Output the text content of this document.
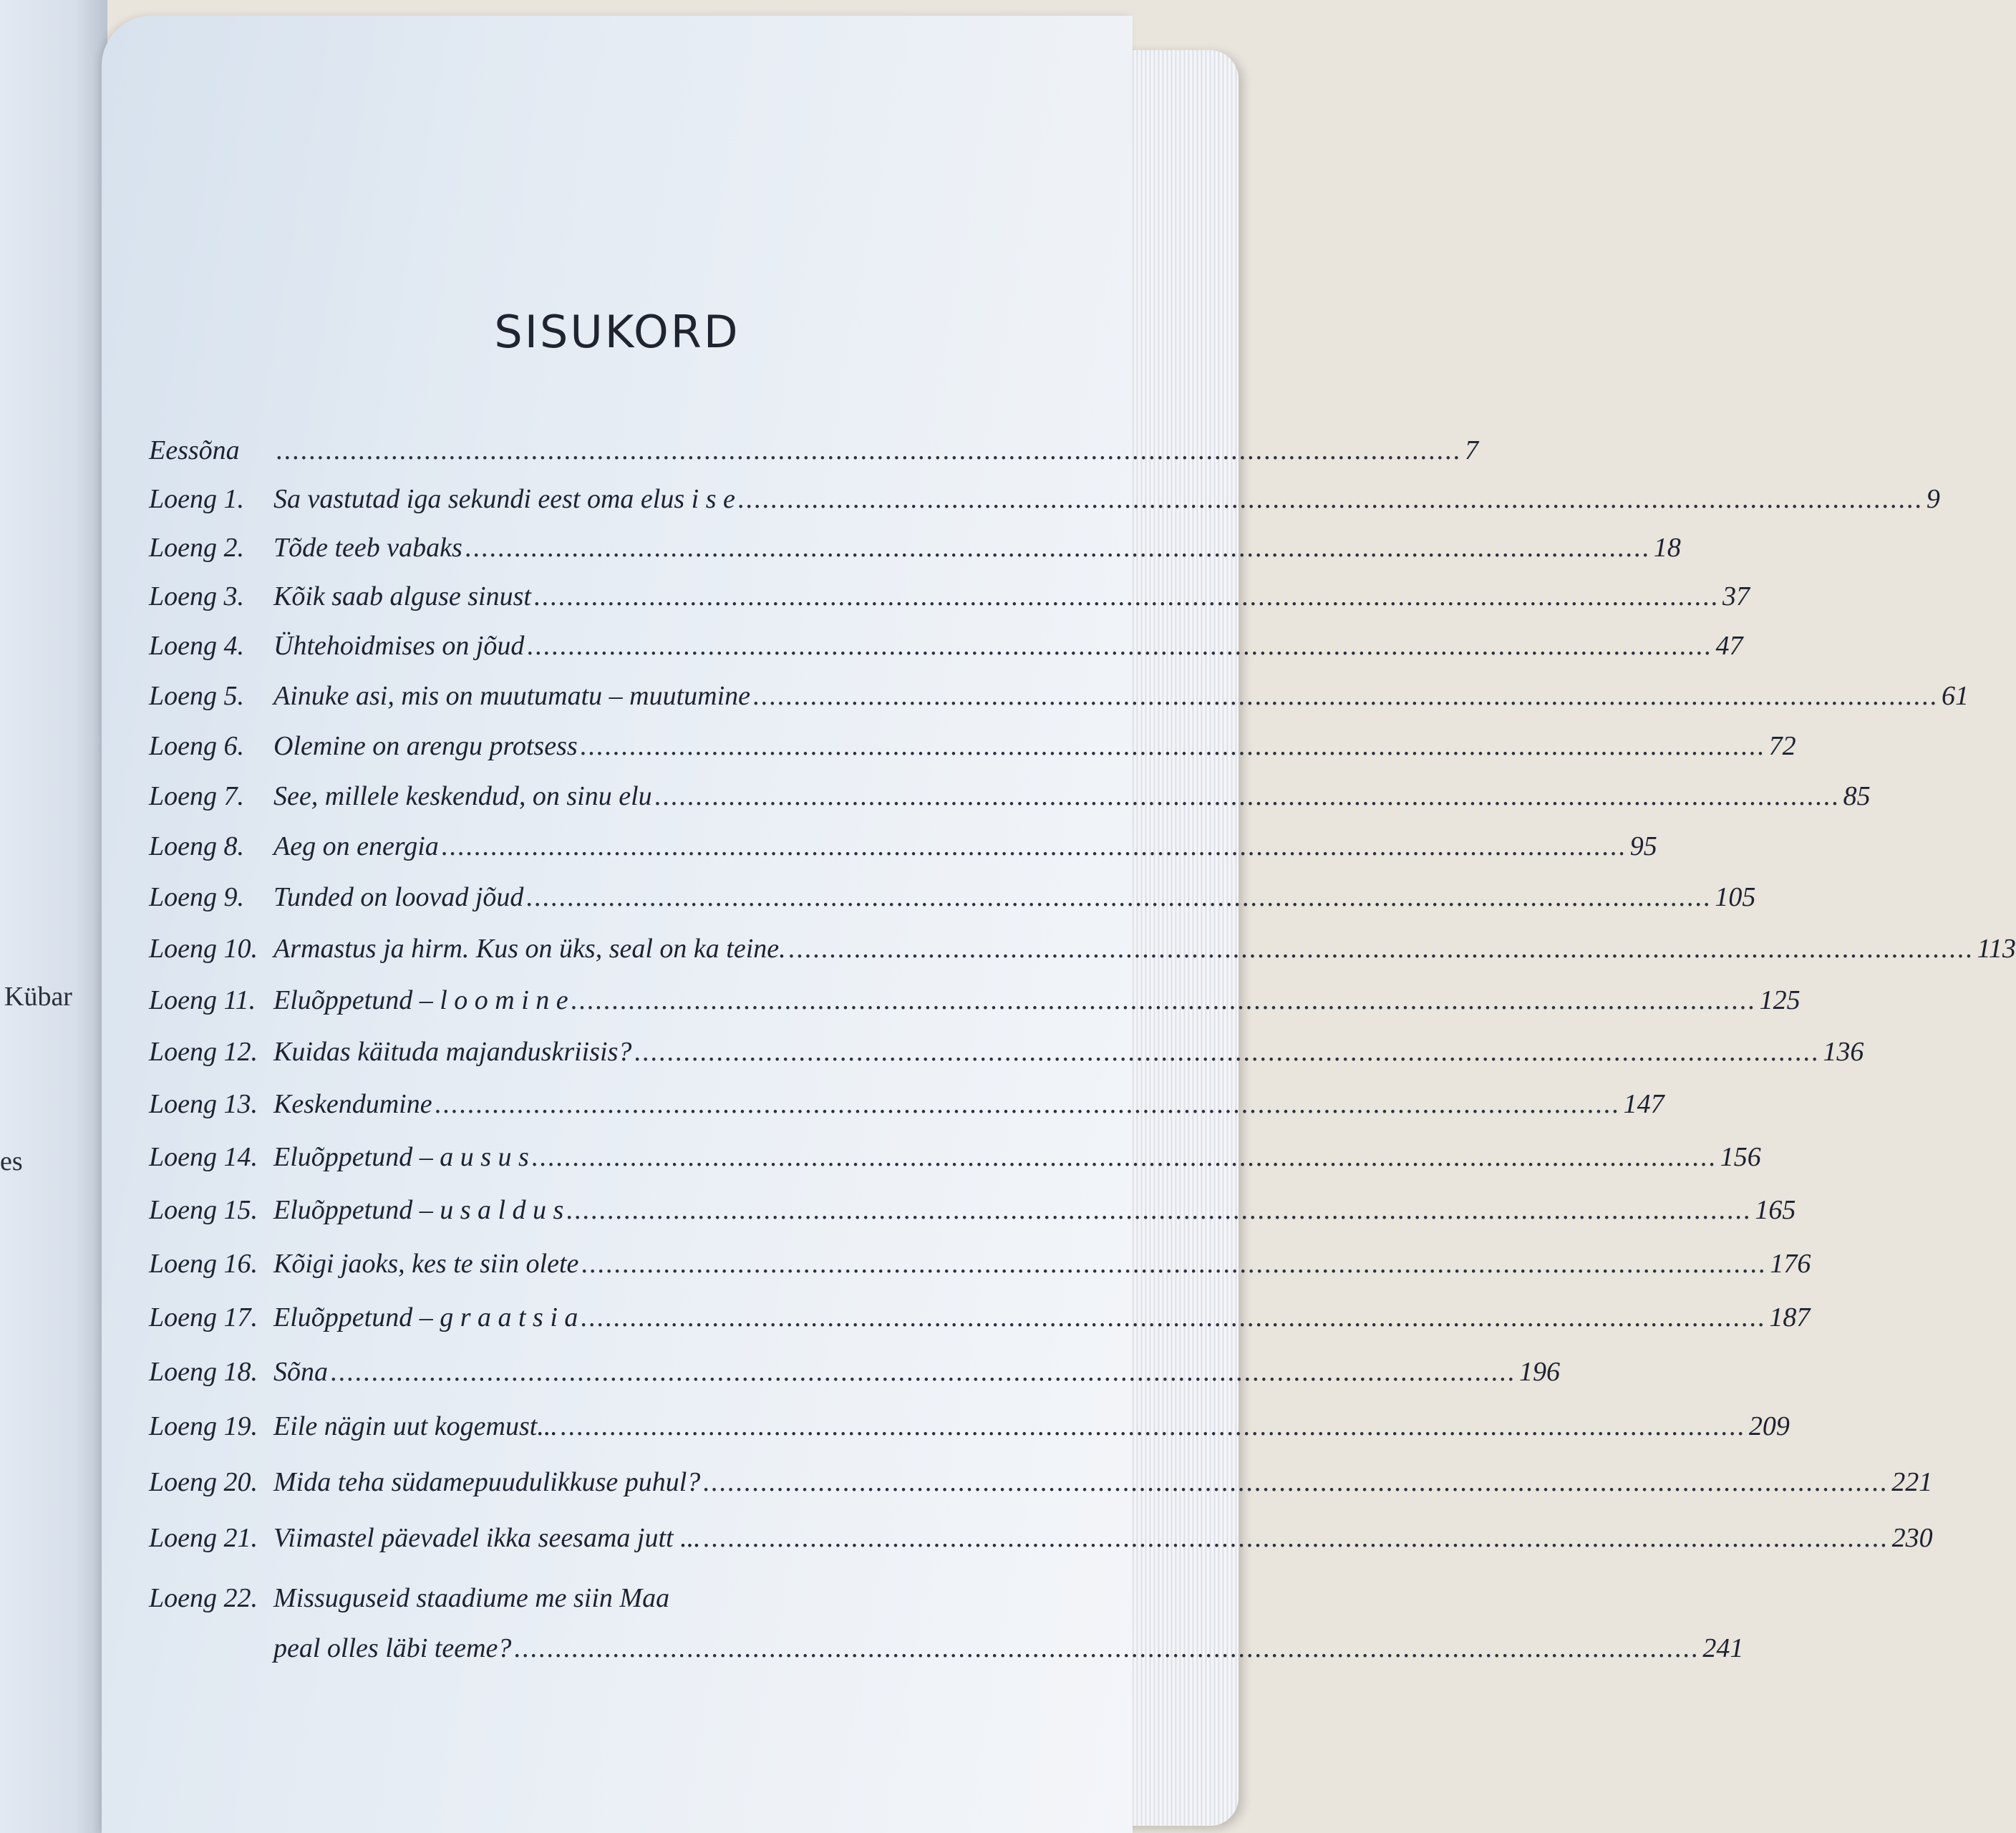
Kübar
es
SISUKORD
Eessõna ................................................................................................................................................ 7
Loeng 1. Sa vastutad iga sekundi eest oma elus i s e ................................................................................................................................................ 9
Loeng 2. Tõde teeb vabaks ................................................................................................................................................ 18
Loeng 3. Kõik saab alguse sinust ................................................................................................................................................ 37
Loeng 4. Ühtehoidmises on jõud ................................................................................................................................................ 47
Loeng 5. Ainuke asi, mis on muutumatu – muutumine ................................................................................................................................................ 61
Loeng 6. Olemine on arengu protsess ................................................................................................................................................ 72
Loeng 7. See, millele keskendud, on sinu elu ................................................................................................................................................ 85
Loeng 8. Aeg on energia ................................................................................................................................................ 95
Loeng 9. Tunded on loovad jõud ................................................................................................................................................ 105
Loeng 10. Armastus ja hirm. Kus on üks, seal on ka teine. ................................................................................................................................................ 113
Loeng 11. Eluõppetund – l o o m i n e ................................................................................................................................................ 125
Loeng 12. Kuidas käituda majanduskriisis? ................................................................................................................................................ 136
Loeng 13. Keskendumine ................................................................................................................................................ 147
Loeng 14. Eluõppetund – a u s u s ................................................................................................................................................ 156
Loeng 15. Eluõppetund – u s a l d u s ................................................................................................................................................ 165
Loeng 16. Kõigi jaoks, kes te siin olete ................................................................................................................................................ 176
Loeng 17. Eluõppetund – g r a a t s i a ................................................................................................................................................ 187
Loeng 18. Sõna ................................................................................................................................................ 196
Loeng 19. Eile nägin uut kogemust... ................................................................................................................................................ 209
Loeng 20. Mida teha südamepuudulikkuse puhul? ................................................................................................................................................ 221
Loeng 21. Viimastel päevadel ikka seesama jutt ... ................................................................................................................................................ 230
Loeng 22. Missuguseid staadiume me siin Maa
peal olles läbi teeme? ................................................................................................................................................ 241
